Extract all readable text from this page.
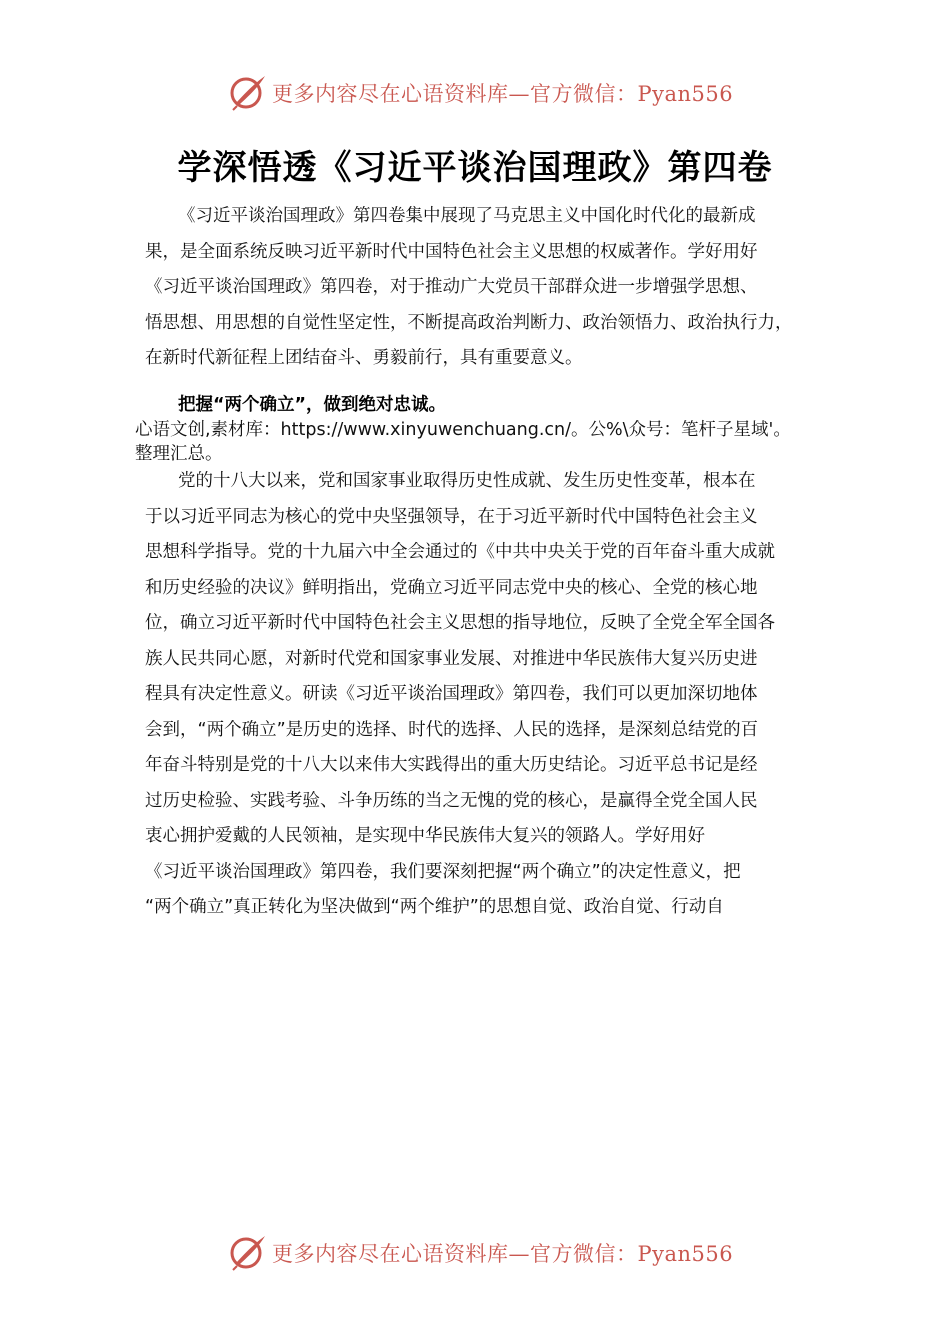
更多内容尽在心语资料库—官方微信：Pyan556
学深悟透《习近平谈治国理政》第四卷
《习近平谈治国理政》第四卷集中展现了马克思主义中国化时代化的最新成
果，是全面系统反映习近平新时代中国特色社会主义思想的权威著作。学好用好
《习近平谈治国理政》第四卷，对于推动广大党员干部群众进一步增强学思想、
悟思想、用思想的自觉性坚定性，不断提高政治判断力、政治领悟力、政治执行力，
在新时代新征程上团结奋斗、勇毅前行，具有重要意义。
把握“两个确立”，做到绝对忠诚。
心语文创,素材库：https://www.xinyuwenchuang.cn/。公%\众号：笔杆子星域'。
整理汇总。
党的十八大以来，党和国家事业取得历史性成就、发生历史性变革，根本在
于以习近平同志为核心的党中央坚强领导，在于习近平新时代中国特色社会主义
思想科学指导。党的十九届六中全会通过的《中共中央关于党的百年奋斗重大成就
和历史经验的决议》鲜明指出，党确立习近平同志党中央的核心、全党的核心地
位，确立习近平新时代中国特色社会主义思想的指导地位，反映了全党全军全国各
族人民共同心愿，对新时代党和国家事业发展、对推进中华民族伟大复兴历史进
程具有决定性意义。研读《习近平谈治国理政》第四卷，我们可以更加深切地体
会到，“两个确立”是历史的选择、时代的选择、人民的选择，是深刻总结党的百
年奋斗特别是党的十八大以来伟大实践得出的重大历史结论。习近平总书记是经
过历史检验、实践考验、斗争历练的当之无愧的党的核心，是赢得全党全国人民
衷心拥护爱戴的人民领袖，是实现中华民族伟大复兴的领路人。学好用好
《习近平谈治国理政》第四卷，我们要深刻把握“两个确立”的决定性意义，把
“两个确立”真正转化为坚决做到“两个维护”的思想自觉、政治自觉、行动自
更多内容尽在心语资料库—官方微信：Pyan556
